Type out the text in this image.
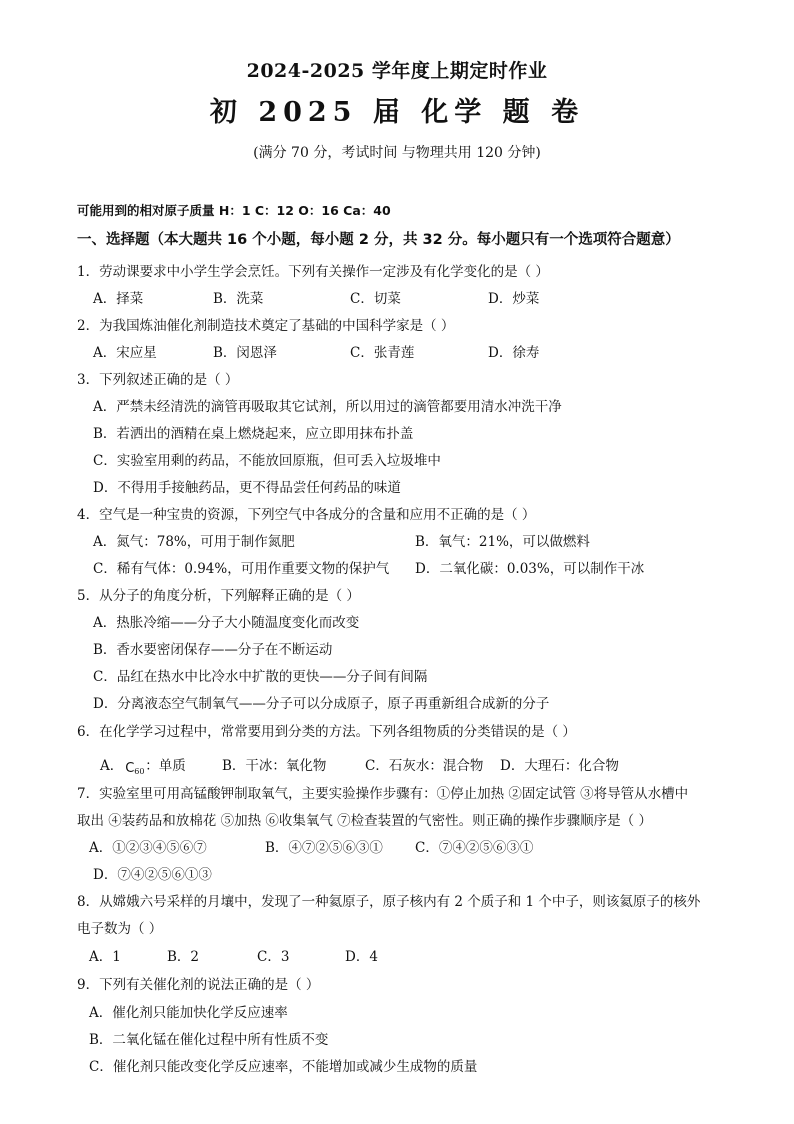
2024-2025 学年度上期定时作业
初 2025 届 化学 题 卷
(满分 70 分，考试时间 与物理共用 120 分钟)
可能用到的相对原子质量 H：1 C：12 O：16 Ca：40
一、选择题（本大题共 16 个小题，每小题 2 分，共 32 分。每小题只有一个选项符合题意）
1．劳动课要求中小学生学会烹饪。下列有关操作一定涉及有化学变化的是（ ）
A．择菜	B．洗菜	C．切菜	D．炒菜
2．为我国炼油催化剂制造技术奠定了基础的中国科学家是（ ）
A．宋应星	B．闵恩泽	C．张青莲	D．徐寿
3．下列叙述正确的是（ ）
A．严禁未经清洗的滴管再吸取其它试剂，所以用过的滴管都要用清水冲洗干净
B．若洒出的酒精在桌上燃烧起来，应立即用抹布扑盖
C．实验室用剩的药品，不能放回原瓶，但可丢入垃圾堆中
D．不得用手接触药品，更不得品尝任何药品的味道
4．空气是一种宝贵的资源，下列空气中各成分的含量和应用不正确的是（ ）
A．氮气：78%，可用于制作氮肥	B．氧气：21%，可以做燃料
C．稀有气体：0.94%，可用作重要文物的保护气 D．二氧化碳：0.03%，可以制作干冰
5．从分子的角度分析，下列解释正确的是（ ）
A．热胀冷缩——分子大小随温度变化而改变
B．香水要密闭保存——分子在不断运动
C．品红在热水中比冷水中扩散的更快——分子间有间隔
D．分离液态空气制氧气——分子可以分成原子，原子再重新组合成新的分子
6．在化学学习过程中，常常要用到分类的方法。下列各组物质的分类错误的是（ ）
A． C 60 ：单质	B．干冰：氧化物	C．石灰水：混合物 D．大理石：化合物
7．实验室里可用高锰酸钾制取氧气，主要实验操作步骤有：①停止加热 ②固定试管 ③将导管从水槽中
取出 ④装药品和放棉花 ⑤加热 ⑥收集氧气 ⑦检查装置的气密性。则正确的操作步骤顺序是（ ）
A．①②③④⑤⑥⑦	B．④⑦②⑤⑥③① C．⑦④②⑤⑥③①
D．⑦④②⑤⑥①③
8．从嫦娥六号采样的月壤中，发现了一种氦原子，原子核内有 2 个质子和 1 个中子，则该氦原子的核外
电子数为（ ）
A．1	B．2	C．3	D．4
9．下列有关催化剂的说法正确的是（ ）
A．催化剂只能加快化学反应速率
B．二氧化锰在催化过程中所有性质不变
C．催化剂只能改变化学反应速率，不能增加或减少生成物的质量
